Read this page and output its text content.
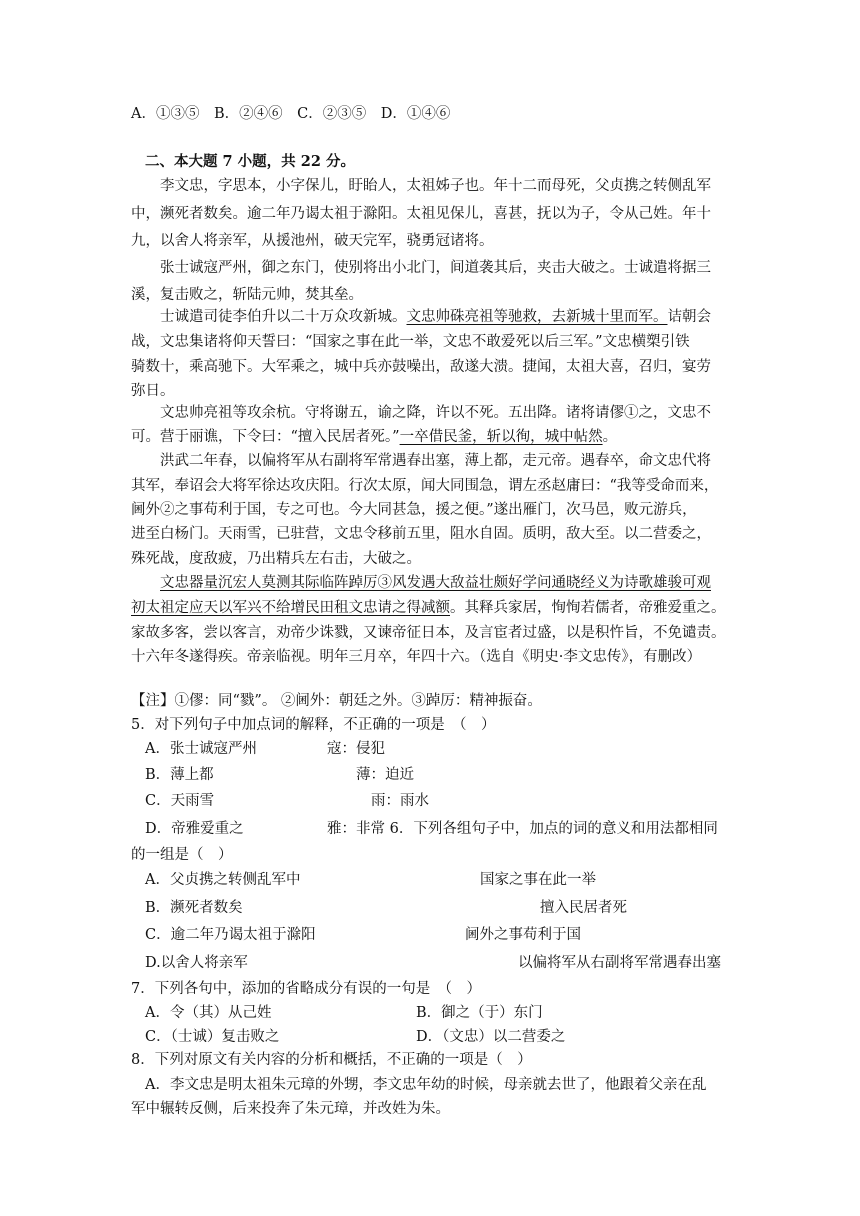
A．①③⑤　B．②④⑥　C．②③⑤　D．①④⑥
二、本大题 7 小题，共 22 分。
李文忠，字思本，小字保儿，盱眙人，太祖姊子也。年十二而母死，父贞携之转侧乱军
中，濒死者数矣。逾二年乃谒太祖于滁阳。太祖见保儿，喜甚，抚以为子，令从己姓。年十
九，以舍人将亲军，从援池州，破天完军，骁勇冠诸将。
张士诚寇严州，御之东门，使别将出小北门，间道袭其后，夹击大破之。士诚遣将据三
溪，复击败之，斩陆元帅，焚其垒。
士诚遣司徒李伯升以二十万众攻新城。文忠帅硃亮祖等驰救，去新城十里而军。诘朝会
战，文忠集诸将仰天誓曰：“国家之事在此一举，文忠不敢爱死以后三军。”文忠横槊引铁
骑数十，乘高驰下。大军乘之，城中兵亦鼓噪出，敌遂大溃。捷闻，太祖大喜，召归，宴劳
弥日。
文忠帅亮祖等攻余杭。守将谢五，谕之降，许以不死。五出降。诸将请僇①之，文忠不
可。营于丽谯，下令曰：“擅入民居者死。”一卒借民釜，斩以徇，城中帖然。
洪武二年春，以偏将军从右副将军常遇春出塞，薄上都，走元帝。遇春卒，命文忠代将
其军，奉诏会大将军徐达攻庆阳。行次太原，闻大同围急，谓左丞赵庸曰：“我等受命而来，
阃外②之事苟利于国，专之可也。今大同甚急，援之便。”遂出雁门，次马邑，败元游兵，
进至白杨门。天雨雪，已驻营，文忠令移前五里，阻水自固。质明，敌大至。以二营委之，
殊死战，度敌疲，乃出精兵左右击，大破之。
文忠器量沉宏人莫测其际临阵踔厉③风发遇大敌益壮颇好学问通晓经义为诗歌雄骏可观
初太祖定应天以军兴不给增民田租文忠请之得减额。其释兵家居，恂恂若儒者，帝雅爱重之。
家故多客，尝以客言，劝帝少诛戮，又谏帝征日本，及言宦者过盛，以是积忤旨，不免谴责。
十六年冬遂得疾。帝亲临视。明年三月卒，年四十六。（选自《明史·李文忠传》，有删改）
【注】①僇：同“戮”。 ②阃外：朝廷之外。③踔厉：精神振奋。
5．对下列句子中加点词的解释，不正确的一项是　（　）
A．张士诚寇严州	寇：侵犯
B．薄上都	薄：迫近
C．天雨雪	雨：雨水
D．帝雅爱重之	雅：非常 6．下列各组句子中，加点的词的意义和用法都相同
的一组是（　）
A．父贞携之转侧乱军中	国家之事在此一举
B．濒死者数矣	擅入民居者死
C．逾二年乃谒太祖于滁阳	阃外之事苟利于国
D.以舍人将亲军	以偏将军从右副将军常遇春出塞
7．下列各句中，添加的省略成分有误的一句是　（　）
A．令（其）从己姓	B．御之（于）东门
C．（士诚）复击败之	D．（文忠）以二营委之
8．下列对原文有关内容的分析和概括，不正确的一项是（　）
A．李文忠是明太祖朱元璋的外甥，李文忠年幼的时候，母亲就去世了，他跟着父亲在乱
军中辗转反侧，后来投奔了朱元璋，并改姓为朱。
